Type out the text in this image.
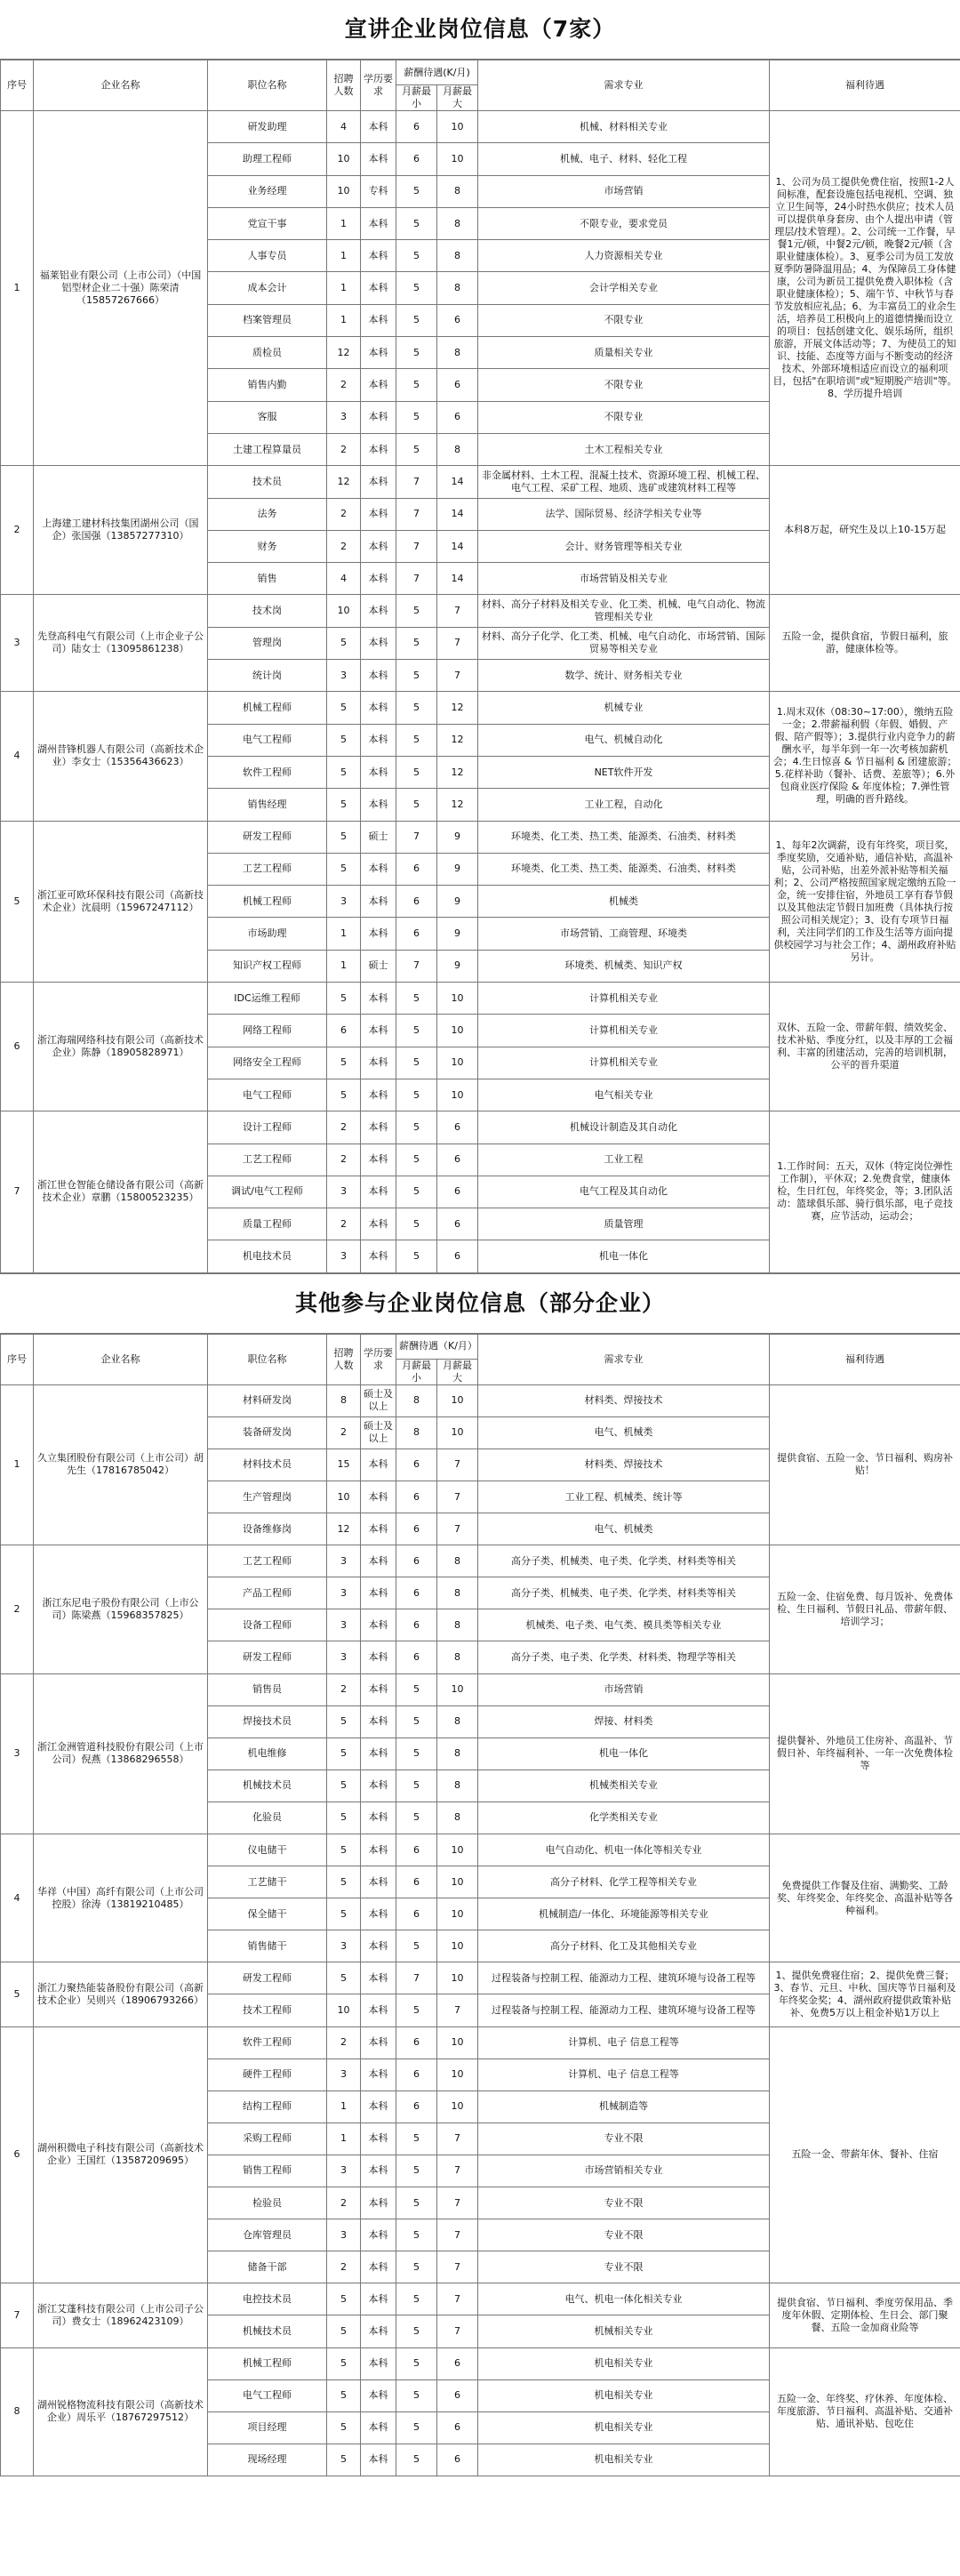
宣讲企业岗位信息（7家）
序号	企业名称	职位名称	招聘人数	学历要求	薪酬待遇(K/月)		需求专业	福利待遇
					月薪最小	月薪最大		
1	福莱铝业有限公司（上市公司）（中国铝型材企业二十强）陈荣清（15857267666）	研发助理	4	本科	6	10	机械、材料相关专业	1、公司为员工提供免费住宿，按照1-2人间标准，配套设施包括电视机、空调、独立卫生间等，24小时热水供应；技术人员可以提供单身套房、由个人提出申请（管理层/技术管理）。2、公司统一工作餐，早餐1元/顿，中餐2元/顿，晚餐2元/顿（含职业健康体检）。3、夏季公司为员工发放夏季防暑降温用品；4、为保障员工身体健康，公司为新员工提供免费入职体检（含职业健康体检）；5、端午节、中秋节与春节发放相应礼品；6、为丰富员工的业余生活，培养员工积极向上的道德情操而设立的项目：包括创建文化、娱乐场所，组织旅游，开展文体活动等；7、为使员工的知识、技能、态度等方面与不断变动的经济技术、外部环境相适应而设立的福利项目，包括"在职培训"或"短期脱产培训"等。8、学历提升培训
		助理工程师	10	本科	6	10	机械、电子、材料、轻化工程	
		业务经理	10	专科	5	8	市场营销	
		党宣干事	1	本科	5	8	不限专业，要求党员	
		人事专员	1	本科	5	8	人力资源相关专业	
		成本会计	1	本科	5	8	会计学相关专业	
		档案管理员	1	本科	5	6	不限专业	
		质检员	12	本科	5	8	质量相关专业	
		销售内勤	2	本科	5	6	不限专业	
		客服	3	本科	5	6	不限专业	
		土建工程算量员	2	本科	5	8	土木工程相关专业	
2	上海建工建材科技集团湖州公司（国企）张国强（13857277310）	技术员	12	本科	7	14	非金属材料、土木工程、混凝土技术、资源环境工程、机械工程、电气工程、采矿工程、地质、选矿或建筑材料工程等	本科8万起，研究生及以上10-15万起
		法务	2	本科	7	14	法学、国际贸易、经济学相关专业等	
		财务	2	本科	7	14	会计、财务管理等相关专业	
		销售	4	本科	7	14	市场营销及相关专业	
3	先登高科电气有限公司（上市企业子公司）陆女士（13095861238）	技术岗	10	本科	5	7	材料、高分子材料及相关专业、化工类、机械、电气自动化、物流管理相关专业	五险一金，提供食宿，节假日福利，旅游，健康体检等。
		管理岗	5	本科	5	7	材料、高分子化学、化工类、机械、电气自动化、市场营销、国际贸易等相关专业	
		统计岗	3	本科	5	7	数学、统计、财务相关专业	
4	湖州昔锋机器人有限公司（高新技术企业）李女士（15356436623）	机械工程师	5	本科	5	12	机械专业	1.周末双休（08:30~17:00），缴纳五险一金；2.带薪福利假（年假、婚假、产假、陪产假等）；3.提供行业内竞争力的薪酬水平，每半年到一年一次考核加薪机会；4.生日惊喜 & 节日福利 & 团建旅游；5.花样补助（餐补、话费、差旅等）；6.外包商业医疗保险 & 年度体检；7.弹性管理，明确的晋升路线。
		电气工程师	5	本科	5	12	电气、机械自动化	
		软件工程师	5	本科	5	12	NET软件开发	
		销售经理	5	本科	5	12	工业工程，自动化	
5	浙江亚可欧环保科技有限公司（高新技术企业）沈晨明（15967247112）	研发工程师	5	硕士	7	9	环境类、化工类、热工类、能源类、石油类、材料类	1、每年2次调薪，设有年终奖，项目奖，季度奖励，交通补贴，通信补贴，高温补贴，公司补贴，出差外派补贴等相关福利；2、公司严格按照国家规定缴纳五险一金，统一安排住宿，外地员工享有春节假以及其他法定节假日加班费（具体执行按照公司相关规定）；3、设有专项节日福利，关注同学们的工作及生活等方面向提供校园学习与社会工作；4、湖州政府补贴另计。
		工艺工程师	5	本科	6	9	环境类、化工类、热工类、能源类、石油类、材料类	
		机械工程师	3	本科	6	9	机械类	
		市场助理	1	本科	6	9	市场营销、工商管理、环境类	
		知识产权工程师	1	硕士	7	9	环境类、机械类、知识产权	
6	浙江海瑞网络科技有限公司（高新技术企业）陈静（18905828971）	IDC运维工程师	5	本科	5	10	计算机相关专业	双休、五险一金、带薪年假、绩效奖金、技术补贴、季度分红，以及丰厚的工会福利、丰富的团建活动，完善的培训机制，公平的晋升渠道
		网络工程师	6	本科	5	10	计算机相关专业	
		网络安全工程师	5	本科	5	10	计算机相关专业	
		电气工程师	5	本科	5	10	电气相关专业	
7	浙江世仓智能仓储设备有限公司（高新技术企业）章鹏（15800523235）	设计工程师	2	本科	5	6	机械设计制造及其自动化	1.工作时间：五天，双休（特定岗位弹性工作制），平休双；2.免费食堂，健康体检，生日红包，年终奖金，等；3.团队活动：篮球俱乐部、骑行俱乐部，电子竞技赛，应节活动，运动会；
		工艺工程师	2	本科	5	6	工业工程	
		调试/电气工程师	3	本科	5	6	电气工程及其自动化	
		质量工程师	2	本科	5	6	质量管理	
		机电技术员	3	本科	5	6	机电一体化	
其他参与企业岗位信息（部分企业）
序号	企业名称	职位名称	招聘人数	学历要求	薪酬待遇（K/月）		需求专业	福利待遇
					月薪最小	月薪最大		
1	久立集团股份有限公司（上市公司）胡先生（17816785042）	材料研发岗	8	硕士及以上	8	10	材料类、焊接技术	提供食宿、五险一金、节日福利、购房补贴！
		装备研发岗	2	硕士及以上	8	10	电气、机械类	
		材料技术员	15	本科	6	7	材料类、焊接技术	
		生产管理岗	10	本科	6	7	工业工程、机械类、统计等	
		设备维修岗	12	本科	6	7	电气、机械类	
2	浙江东尼电子股份有限公司（上市公司）陈梁燕（15968357825）	工艺工程师	3	本科	6	8	高分子类、机械类、电子类、化学类、材料类等相关	五险一金、住宿免费、每月饭补、免费体检、生日福利、节假日礼品、带薪年假、培训学习；
		产品工程师	3	本科	6	8	高分子类、机械类、电子类、化学类、材料类等相关	
		设备工程师	3	本科	6	8	机械类、电子类、电气类、模具类等相关专业	
		研发工程师	3	本科	6	8	高分子类、电子类、化学类、材料类、物理学等相关	
3	浙江金洲管道科技股份有限公司（上市公司）倪燕（13868296558）	销售员	2	本科	5	10	市场营销	提供餐补、外地员工住房补、高温补、节假日补、年终福利补、一年一次免费体检等
		焊接技术员	5	本科	5	8	焊接、材料类	
		机电维修	5	本科	5	8	机电一体化	
		机械技术员	5	本科	5	8	机械类相关专业	
		化验员	5	本科	5	8	化学类相关专业	
4	华祥（中国）高纤有限公司（上市公司控股）徐涛（13819210485）	仪电储干	5	本科	6	10	电气自动化、机电一体化等相关专业	免费提供工作餐及住宿、满勤奖、工龄奖、年终奖金、年终奖金、高温补贴等各种福利。
		工艺储干	5	本科	6	10	高分子材料、化学工程等相关专业	
		保全储干	5	本科	6	10	机械制造/一体化、环境能源等相关专业	
		销售储干	3	本科	5	10	高分子材料、化工及其他相关专业	
5	浙江力聚热能装备股份有限公司（高新技术企业）吴则兴（18906793266）	研发工程师	5	本科	7	10	过程装备与控制工程、能源动力工程、建筑环境与设备工程等	1、提供免费寝住宿；2、提供免费三餐；3、春节、元旦、中秋、国庆等节日福利及年终奖金奖；4、湖州政府提供政策补贴补、免费5万以上租金补贴1万以上
		技术工程师	10	本科	5	7	过程装备与控制工程、能源动力工程、建筑环境与设备工程等	
6	湖州积微电子科技有限公司（高新技术企业）王国红（13587209695）	软件工程师	2	本科	6	10	计算机、电子 信息工程等	五险一金、带薪年休、餐补、住宿
		硬件工程师	3	本科	6	10	计算机、电子 信息工程等	
		结构工程师	1	本科	6	10	机械制造等	
		采购工程师	1	本科	5	7	专业不限	
		销售工程师	3	本科	5	7	市场营销相关专业	
		检验员	2	本科	5	7	专业不限	
		仓库管理员	3	本科	5	7	专业不限	
		储备干部	2	本科	5	7	专业不限	
7	浙江艾蓬科技有限公司（上市公司子公司）费女士（18962423109）	电控技术员	5	本科	5	7	电气、机电一体化相关专业	提供食宿、节日福利、季度劳保用品、季度年休假、定期体检、生日会、部门聚餐、五险一金加商业险等
		机械技术员	5	本科	5	7	机械相关专业	
8	湖州锐格物流科技有限公司（高新技术企业）周乐平（18767297512）	机械工程师	5	本科	5	6	机电相关专业	五险一金、年终奖、疗休养、年度体检、年度旅游、节日福利、高温补贴、交通补贴、通讯补贴、包吃住
		电气工程师	5	本科	5	6	机电相关专业	
		项目经理	5	本科	5	6	机电相关专业	
		现场经理	5	本科	5	6	机电相关专业	
